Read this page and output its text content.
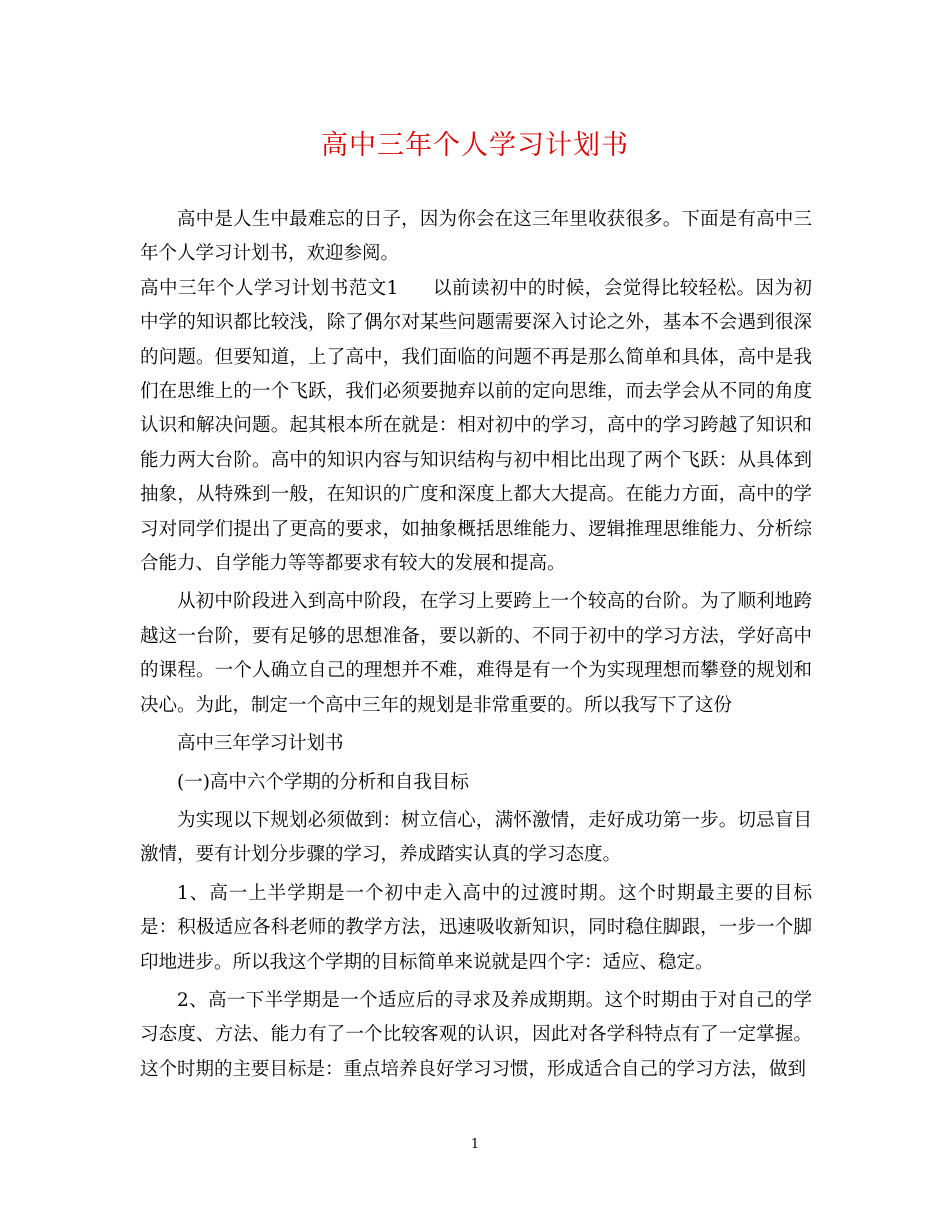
高中三年个人学习计划书

高中是人生中最难忘的日子，因为你会在这三年里收获很多。下面是有高中三年个人学习计划书，欢迎参阅。

高中三年个人学习计划书范文1 以前读初中的时候，会觉得比较轻松。因为初中学的知识都比较浅，除了偶尔对某些问题需要深入讨论之外，基本不会遇到很深的问题。但要知道，上了高中，我们面临的问题不再是那么简单和具体，高中是我们在思维上的一个飞跃，我们必须要抛弃以前的定向思维，而去学会从不同的角度认识和解决问题。起其根本所在就是：相对初中的学习，高中的学习跨越了知识和能力两大台阶。高中的知识内容与知识结构与初中相比出现了两个飞跃：从具体到抽象，从特殊到一般，在知识的广度和深度上都大大提高。在能力方面，高中的学习对同学们提出了更高的要求，如抽象概括思维能力、逻辑推理思维能力、分析综合能力、自学能力等等都要求有较大的发展和提高。

从初中阶段进入到高中阶段，在学习上要跨上一个较高的台阶。为了顺利地跨越这一台阶，要有足够的思想准备，要以新的、不同于初中的学习方法，学好高中的课程。一个人确立自己的理想并不难，难得是有一个为实现理想而攀登的规划和决心。为此，制定一个高中三年的规划是非常重要的。所以我写下了这份

高中三年学习计划书

(一)高中六个学期的分析和自我目标

为实现以下规划必须做到：树立信心，满怀激情，走好成功第一步。切忌盲目激情，要有计划分步骤的学习，养成踏实认真的学习态度。

1、高一上半学期是一个初中走入高中的过渡时期。这个时期最主要的目标是：积极适应各科老师的教学方法，迅速吸收新知识，同时稳住脚跟，一步一个脚印地进步。所以我这个学期的目标简单来说就是四个字：适应、稳定。

2、高一下半学期是一个适应后的寻求及养成期期。这个时期由于对自己的学习态度、方法、能力有了一个比较客观的认识，因此对各学科特点有了一定掌握。这个时期的主要目标是：重点培养良好学习习惯，形成适合自己的学习方法，做到

1
